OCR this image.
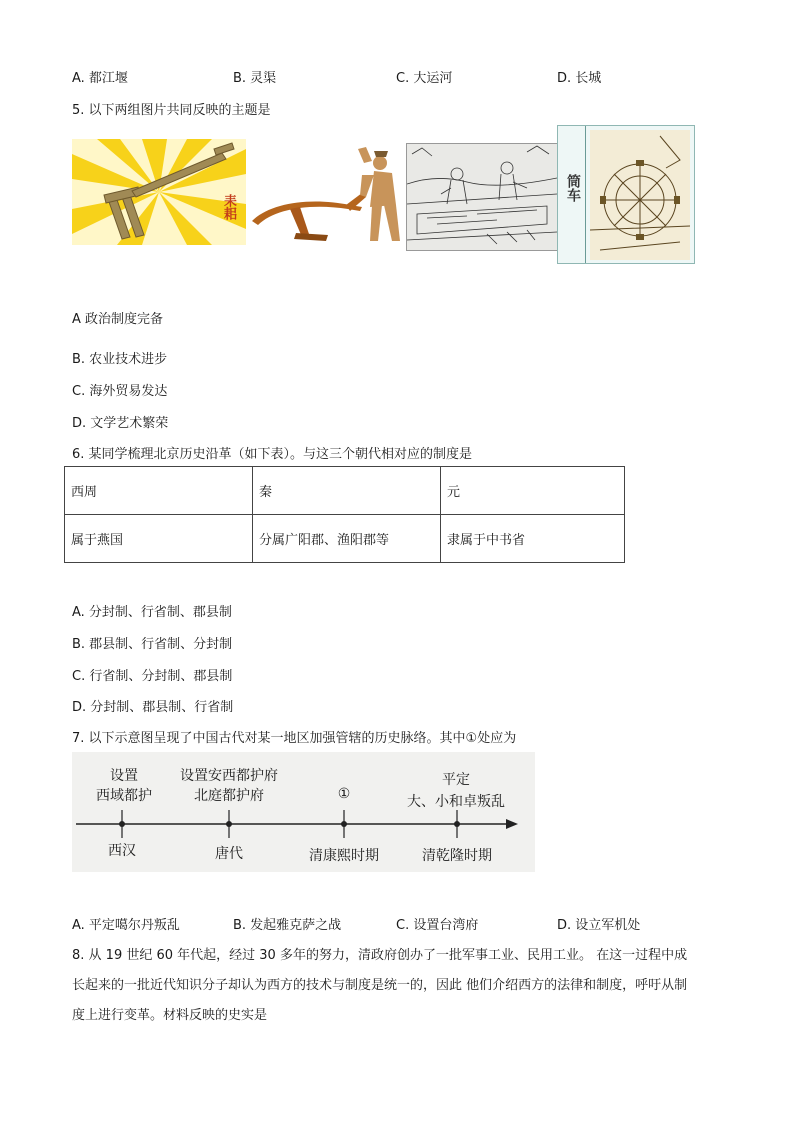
A. 都江堰	B. 灵渠	C. 大运河	D. 长城
5. 以下两组图片共同反映的主题是
耒耜
筒车
A 政治制度完备
B. 农业技术进步
C. 海外贸易发达
D. 文学艺术繁荣
6. 某同学梳理北京历史沿革（如下表）。与这三个朝代相对应的制度是
西周	秦	元
属于燕国	分属广阳郡、渔阳郡等	隶属于中书省
A. 分封制、行省制、郡县制
B. 郡县制、行省制、分封制
C. 行省制、分封制、郡县制
D. 分封制、郡县制、行省制
7. 以下示意图呈现了中国古代对某一地区加强管辖的历史脉络。其中①处应为
设置
西域都护
西汉
设置安西都护府
北庭都护府
唐代
①
清康熙时期
平定
大、小和卓叛乱
清乾隆时期
A. 平定噶尔丹叛乱	B. 发起雅克萨之战	C. 设置台湾府	D. 设立军机处
8. 从 19 世纪 60 年代起，经过 30 多年的努力，清政府创办了一批军事工业、民用工业。 在这一过程中成
长起来的一批近代知识分子却认为西方的技术与制度是统一的，因此 他们介绍西方的法律和制度，呼吁从制
度上进行变革。材料反映的史实是
